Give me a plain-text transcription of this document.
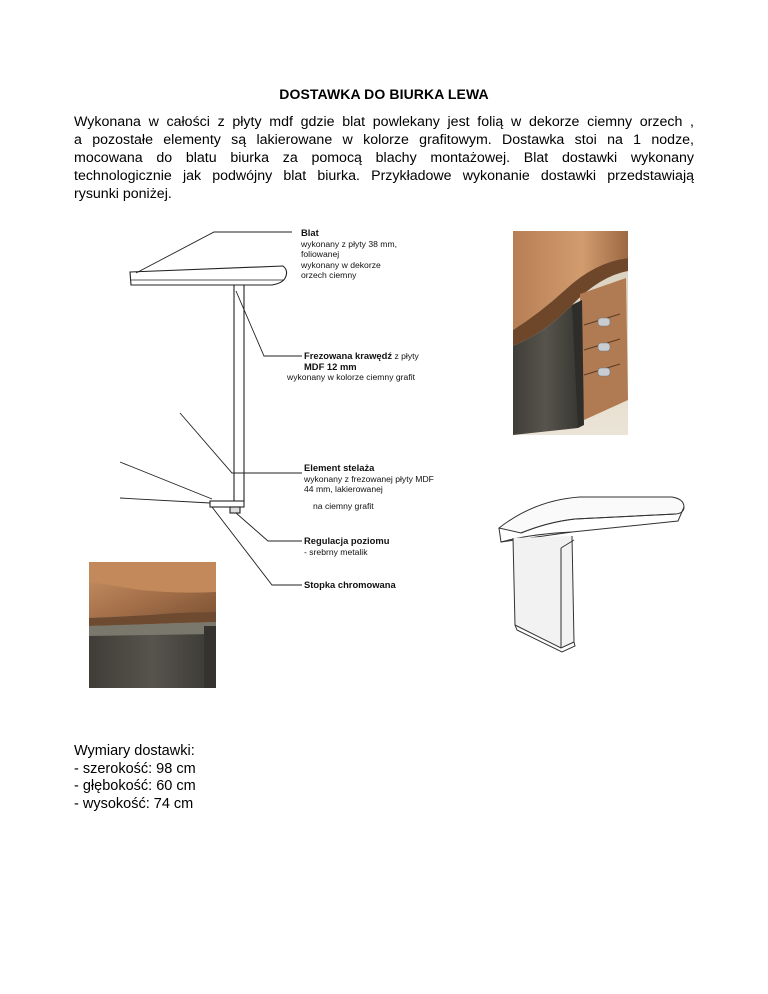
DOSTAWKA DO BIURKA LEWA
Wykonana w całości z płyty mdf gdzie blat powlekany jest folią w dekorze ciemny orzech ,
a pozostałe elementy są lakierowane w kolorze grafitowym. Dostawka stoi na 1 nodze,
mocowana do blatu biurka za pomocą blachy montażowej. Blat dostawki wykonany
technologicznie jak podwójny blat biurka. Przykładowe wykonanie dostawki przedstawiają
rysunki poniżej.
Blat
wykonany z płyty 38 mm,
foliowanej
wykonany w dekorze
orzech ciemny
Frezowana krawędź z płyty
MDF 12 mm
wykonany w kolorze ciemny grafit
Element stelaża
wykonany z frezowanej płyty MDF
44 mm, lakierowanej
na ciemny grafit
Regulacja poziomu
- srebrny metalik
Stopka chromowana
Wymiary dostawki:
- szerokość: 98 cm
- głębokość: 60 cm
- wysokość: 74 cm
